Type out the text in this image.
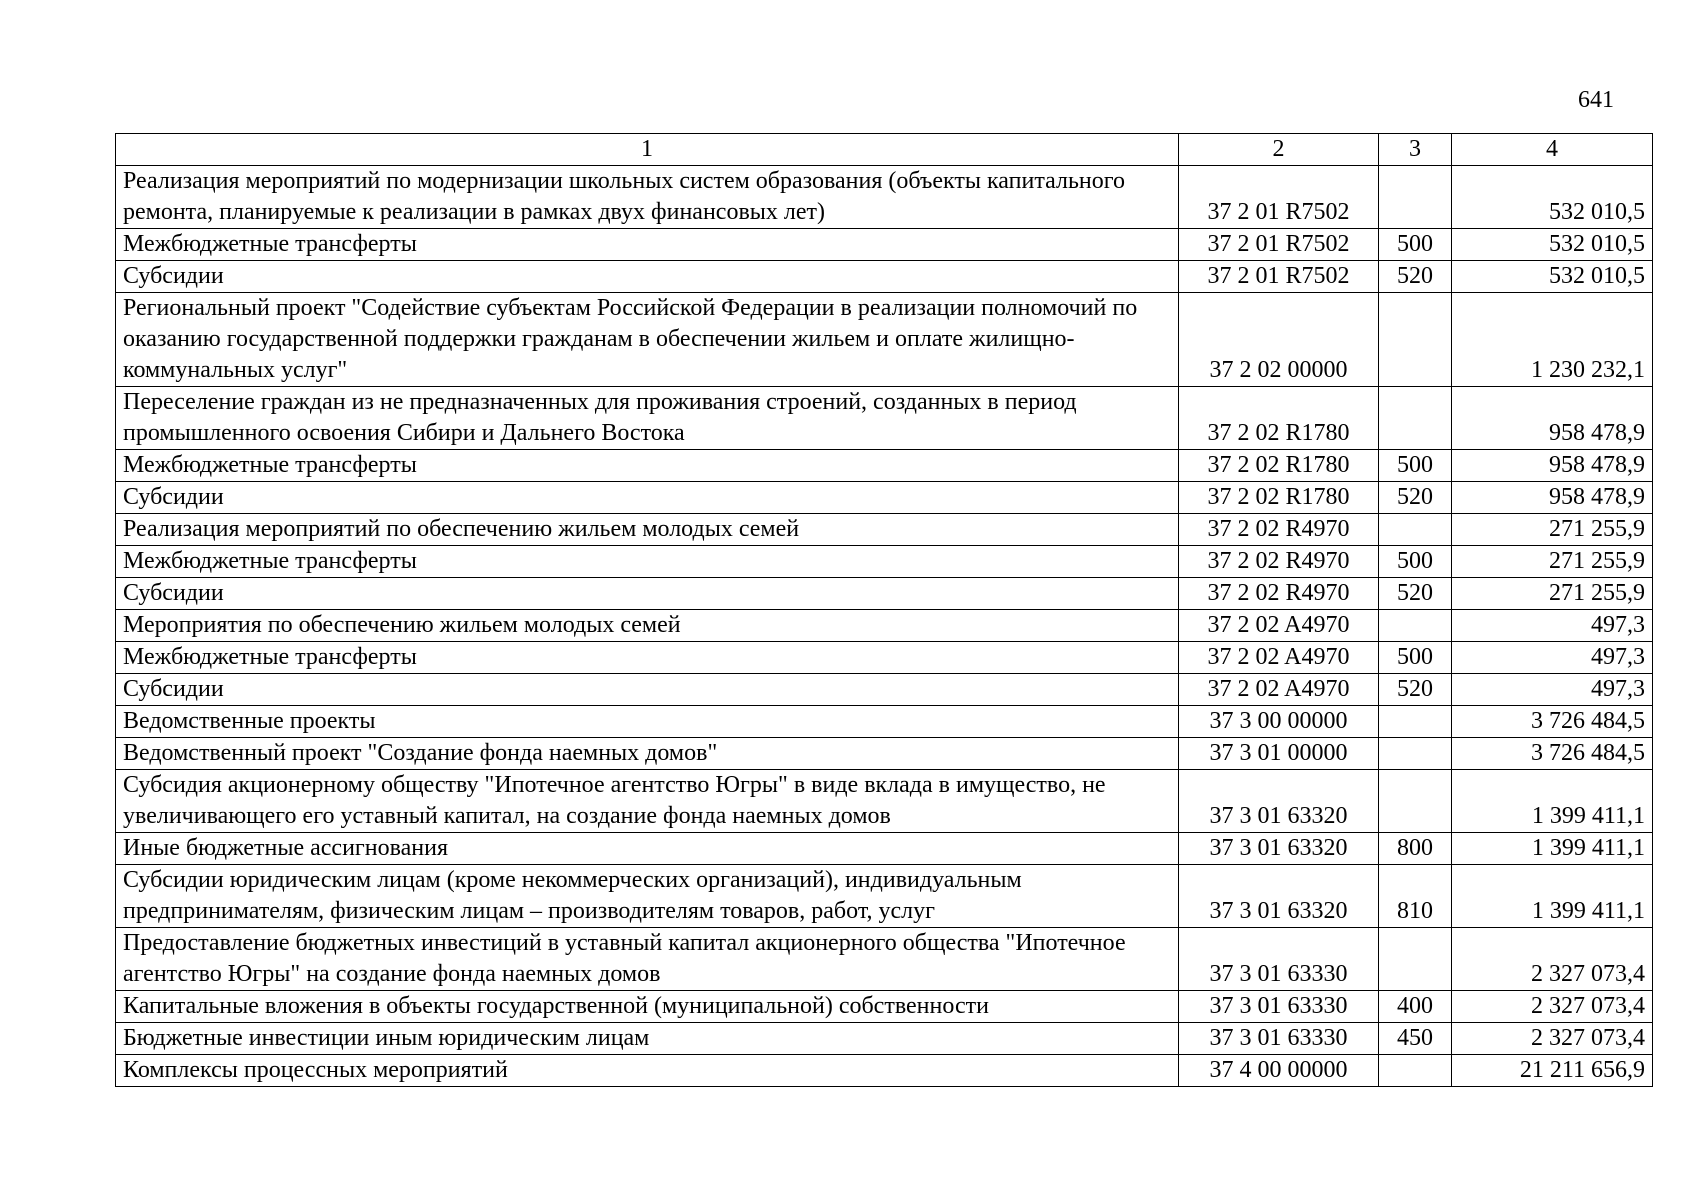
641
1	2	3	4
Реализация мероприятий по модернизации школьных систем образования (объекты капитального ремонта, планируемые к реализации в рамках двух финансовых лет)	37 2 01 R7502		532 010,5
Межбюджетные трансферты	37 2 01 R7502	500	532 010,5
Субсидии	37 2 01 R7502	520	532 010,5
Региональный проект "Содействие субъектам Российской Федерации в реализации полномочий по оказанию государственной поддержки гражданам в обеспечении жильем и оплате жилищно-коммунальных услуг"	37 2 02 00000		1 230 232,1
Переселение граждан из не предназначенных для проживания строений, созданных в период промышленного освоения Сибири и Дальнего Востока	37 2 02 R1780		958 478,9
Межбюджетные трансферты	37 2 02 R1780	500	958 478,9
Субсидии	37 2 02 R1780	520	958 478,9
Реализация мероприятий по обеспечению жильем молодых семей	37 2 02 R4970		271 255,9
Межбюджетные трансферты	37 2 02 R4970	500	271 255,9
Субсидии	37 2 02 R4970	520	271 255,9
Мероприятия по обеспечению жильем молодых семей	37 2 02 A4970		497,3
Межбюджетные трансферты	37 2 02 A4970	500	497,3
Субсидии	37 2 02 A4970	520	497,3
Ведомственные проекты	37 3 00 00000		3 726 484,5
Ведомственный проект "Создание фонда наемных домов"	37 3 01 00000		3 726 484,5
Субсидия акционерному обществу "Ипотечное агентство Югры" в виде вклада в имущество, не увеличивающего его уставный капитал, на создание фонда наемных домов	37 3 01 63320		1 399 411,1
Иные бюджетные ассигнования	37 3 01 63320	800	1 399 411,1
Субсидии юридическим лицам (кроме некоммерческих организаций), индивидуальным предпринимателям, физическим лицам – производителям товаров, работ, услуг	37 3 01 63320	810	1 399 411,1
Предоставление бюджетных инвестиций в уставный капитал акционерного общества "Ипотечное агентство Югры" на создание фонда наемных домов	37 3 01 63330		2 327 073,4
Капитальные вложения в объекты государственной (муниципальной) собственности	37 3 01 63330	400	2 327 073,4
Бюджетные инвестиции иным юридическим лицам	37 3 01 63330	450	2 327 073,4
Комплексы процессных мероприятий	37 4 00 00000		21 211 656,9
